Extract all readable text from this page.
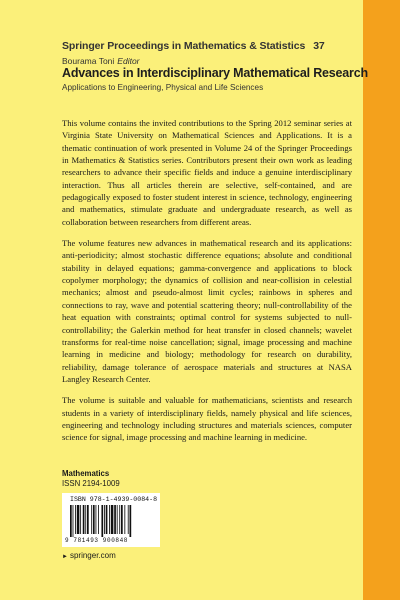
Springer Proceedings in Mathematics & Statistics 37
Bourama Toni Editor
Advances in Interdisciplinary Mathematical Research
Applications to Engineering, Physical and Life Sciences

This volume contains the invited contributions to the Spring 2012 seminar series at Virginia State University on Mathematical Sciences and Applications. It is a thematic continuation of work presented in Volume 24 of the Springer Proceedings in Mathematics & Statistics series. Contributors present their own work as leading researchers to advance their specific fields and induce a genuine interdisciplinary interaction. Thus all articles therein are selective, self-contained, and are pedagogically exposed to foster student interest in science, technology, engineering and mathematics, stimulate graduate and undergraduate research, as well as collaboration between researchers from different areas.

The volume features new advances in mathematical research and its applications: anti-periodicity; almost stochastic difference equations; absolute and conditional stability in delayed equations; gamma-convergence and applications to block copolymer morphology; the dynamics of collision and near-collision in celestial mechanics; almost and pseudo-almost limit cycles; rainbows in spheres and connections to ray, wave and potential scattering theory; null-controllability of the heat equation with constraints; optimal control for systems subjected to null-controllability; the Galerkin method for heat transfer in closed channels; wavelet transforms for real-time noise cancellation; signal, image processing and machine learning in medicine and biology; methodology for research on durability, reliability, damage tolerance of aerospace materials and structures at NASA Langley Research Center.

The volume is suitable and valuable for mathematicians, scientists and research students in a variety of interdisciplinary fields, namely physical and life sciences, engineering and technology including structures and materials sciences, computer science for signal, image processing and machine learning in medicine.

Mathematics
ISSN 2194-1009
ISBN 978-1-4939-0084-8
9 781493 900848
► springer.com
